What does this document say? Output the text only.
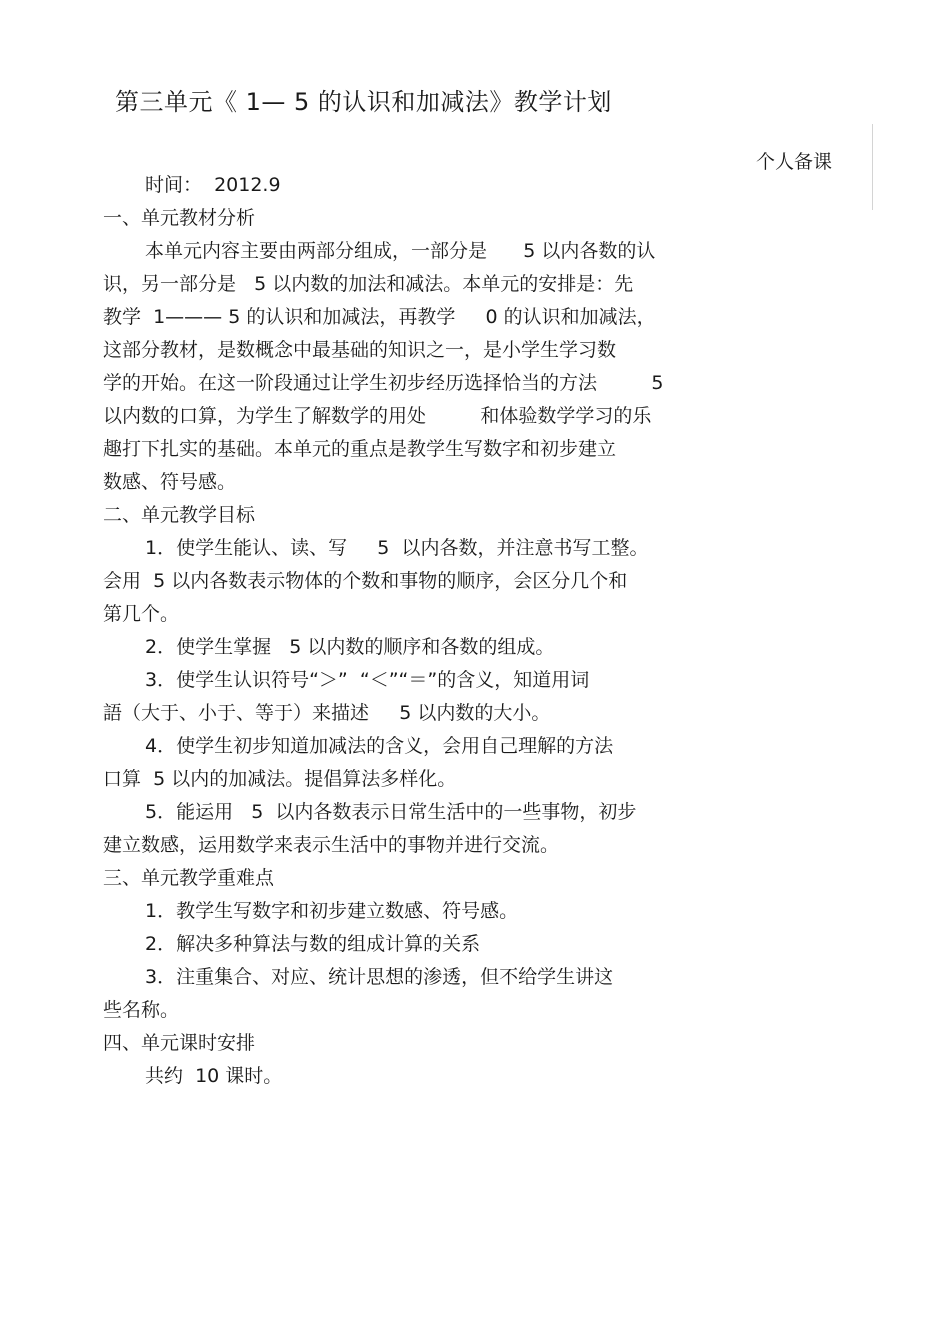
第三单元《 1— 5 的认识和加减法》教学计划
个人备课
时间：  2012.9
一、单元教材分析
本单元内容主要由两部分组成，一部分是      5 以内各数的认
识，另一部分是   5 以内数的加法和减法。本单元的安排是：先
教学  1——— 5 的认识和加减法，再教学     0 的认识和加减法，
这部分教材，是数概念中最基础的知识之一，是小学生学习数
学的开始。在这一阶段通过让学生初步经历选择恰当的方法         5
以内数的口算，为学生了解数学的用处         和体验数学学习的乐
趣打下扎实的基础。本单元的重点是教学生写数字和初步建立
数感、符号感。
二、单元教学目标
1．使学生能认、读、写     5  以内各数，并注意书写工整。
会用  5 以内各数表示物体的个数和事物的顺序，会区分几个和
第几个。
2．使学生掌握   5 以内数的顺序和各数的组成。
3．使学生认识符号“＞”  “＜”“＝”的含义，知道用词
語（大于、小于、等于）来描述     5 以内数的大小。
4．使学生初步知道加减法的含义，会用自己理解的方法
口算  5 以内的加减法。提倡算法多样化。
5．能运用   5  以内各数表示日常生活中的一些事物，初步
建立数感，运用数学来表示生活中的事物并进行交流。
三、单元教学重难点
1．教学生写数字和初步建立数感、符号感。
2．解决多种算法与数的组成计算的关系
3．注重集合、对应、统计思想的渗透，但不给学生讲这
些名称。
四、单元课时安排
共约  10 课时。
